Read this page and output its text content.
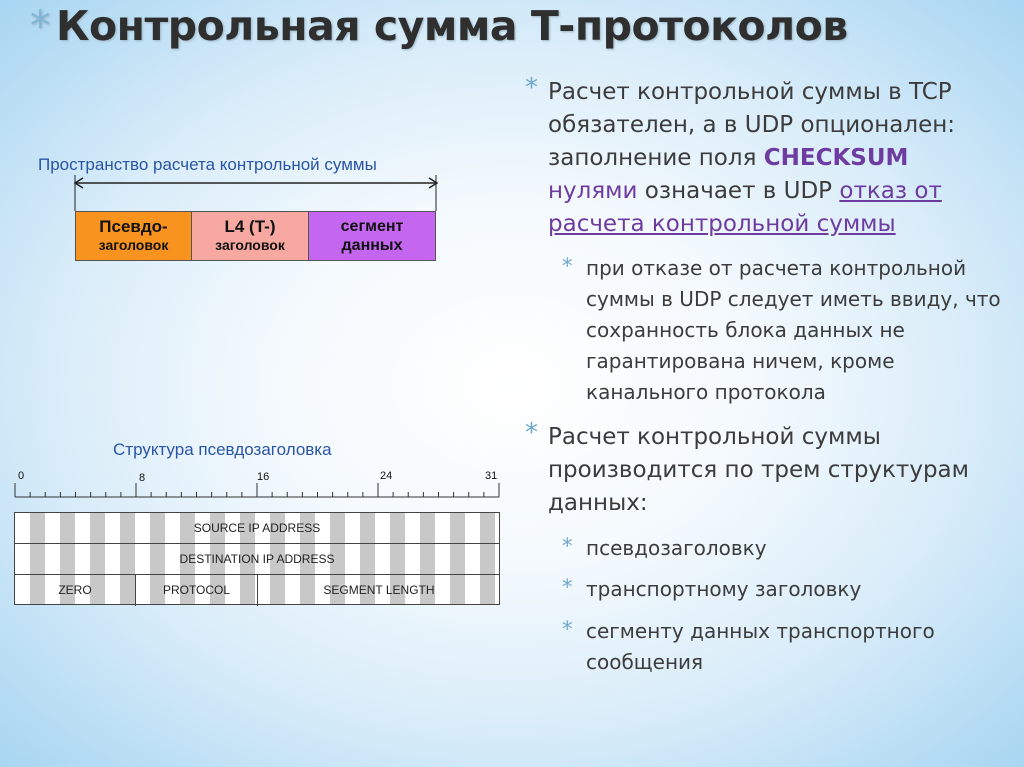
* Контрольная сумма Т-протоколов
Пространство расчета контрольной суммы
Псевдо-
заголовок
L4 (T-)
заголовок
сегмент
данных
Структура псевдозаголовка
0	8	16	24	31
SOURCE IP ADDRESS
DESTINATION IP ADDRESS
ZERO	PROTOCOL	SEGMENT LENGTH
* Расчет контрольной суммы в TCP обязателен, а в UDP опционален: заполнение поля CHECKSUM
нулями означает в UDP отказ от расчета контрольной суммы
* при отказе от расчета контрольной суммы в UDP следует иметь ввиду, что сохранность блока данных не гарантирована ничем, кроме канального протокола
* Расчет контрольной суммы производится по трем структурам данных:
* псевдозаголовку
* транспортному заголовку
* сегменту данных транспортного сообщения
